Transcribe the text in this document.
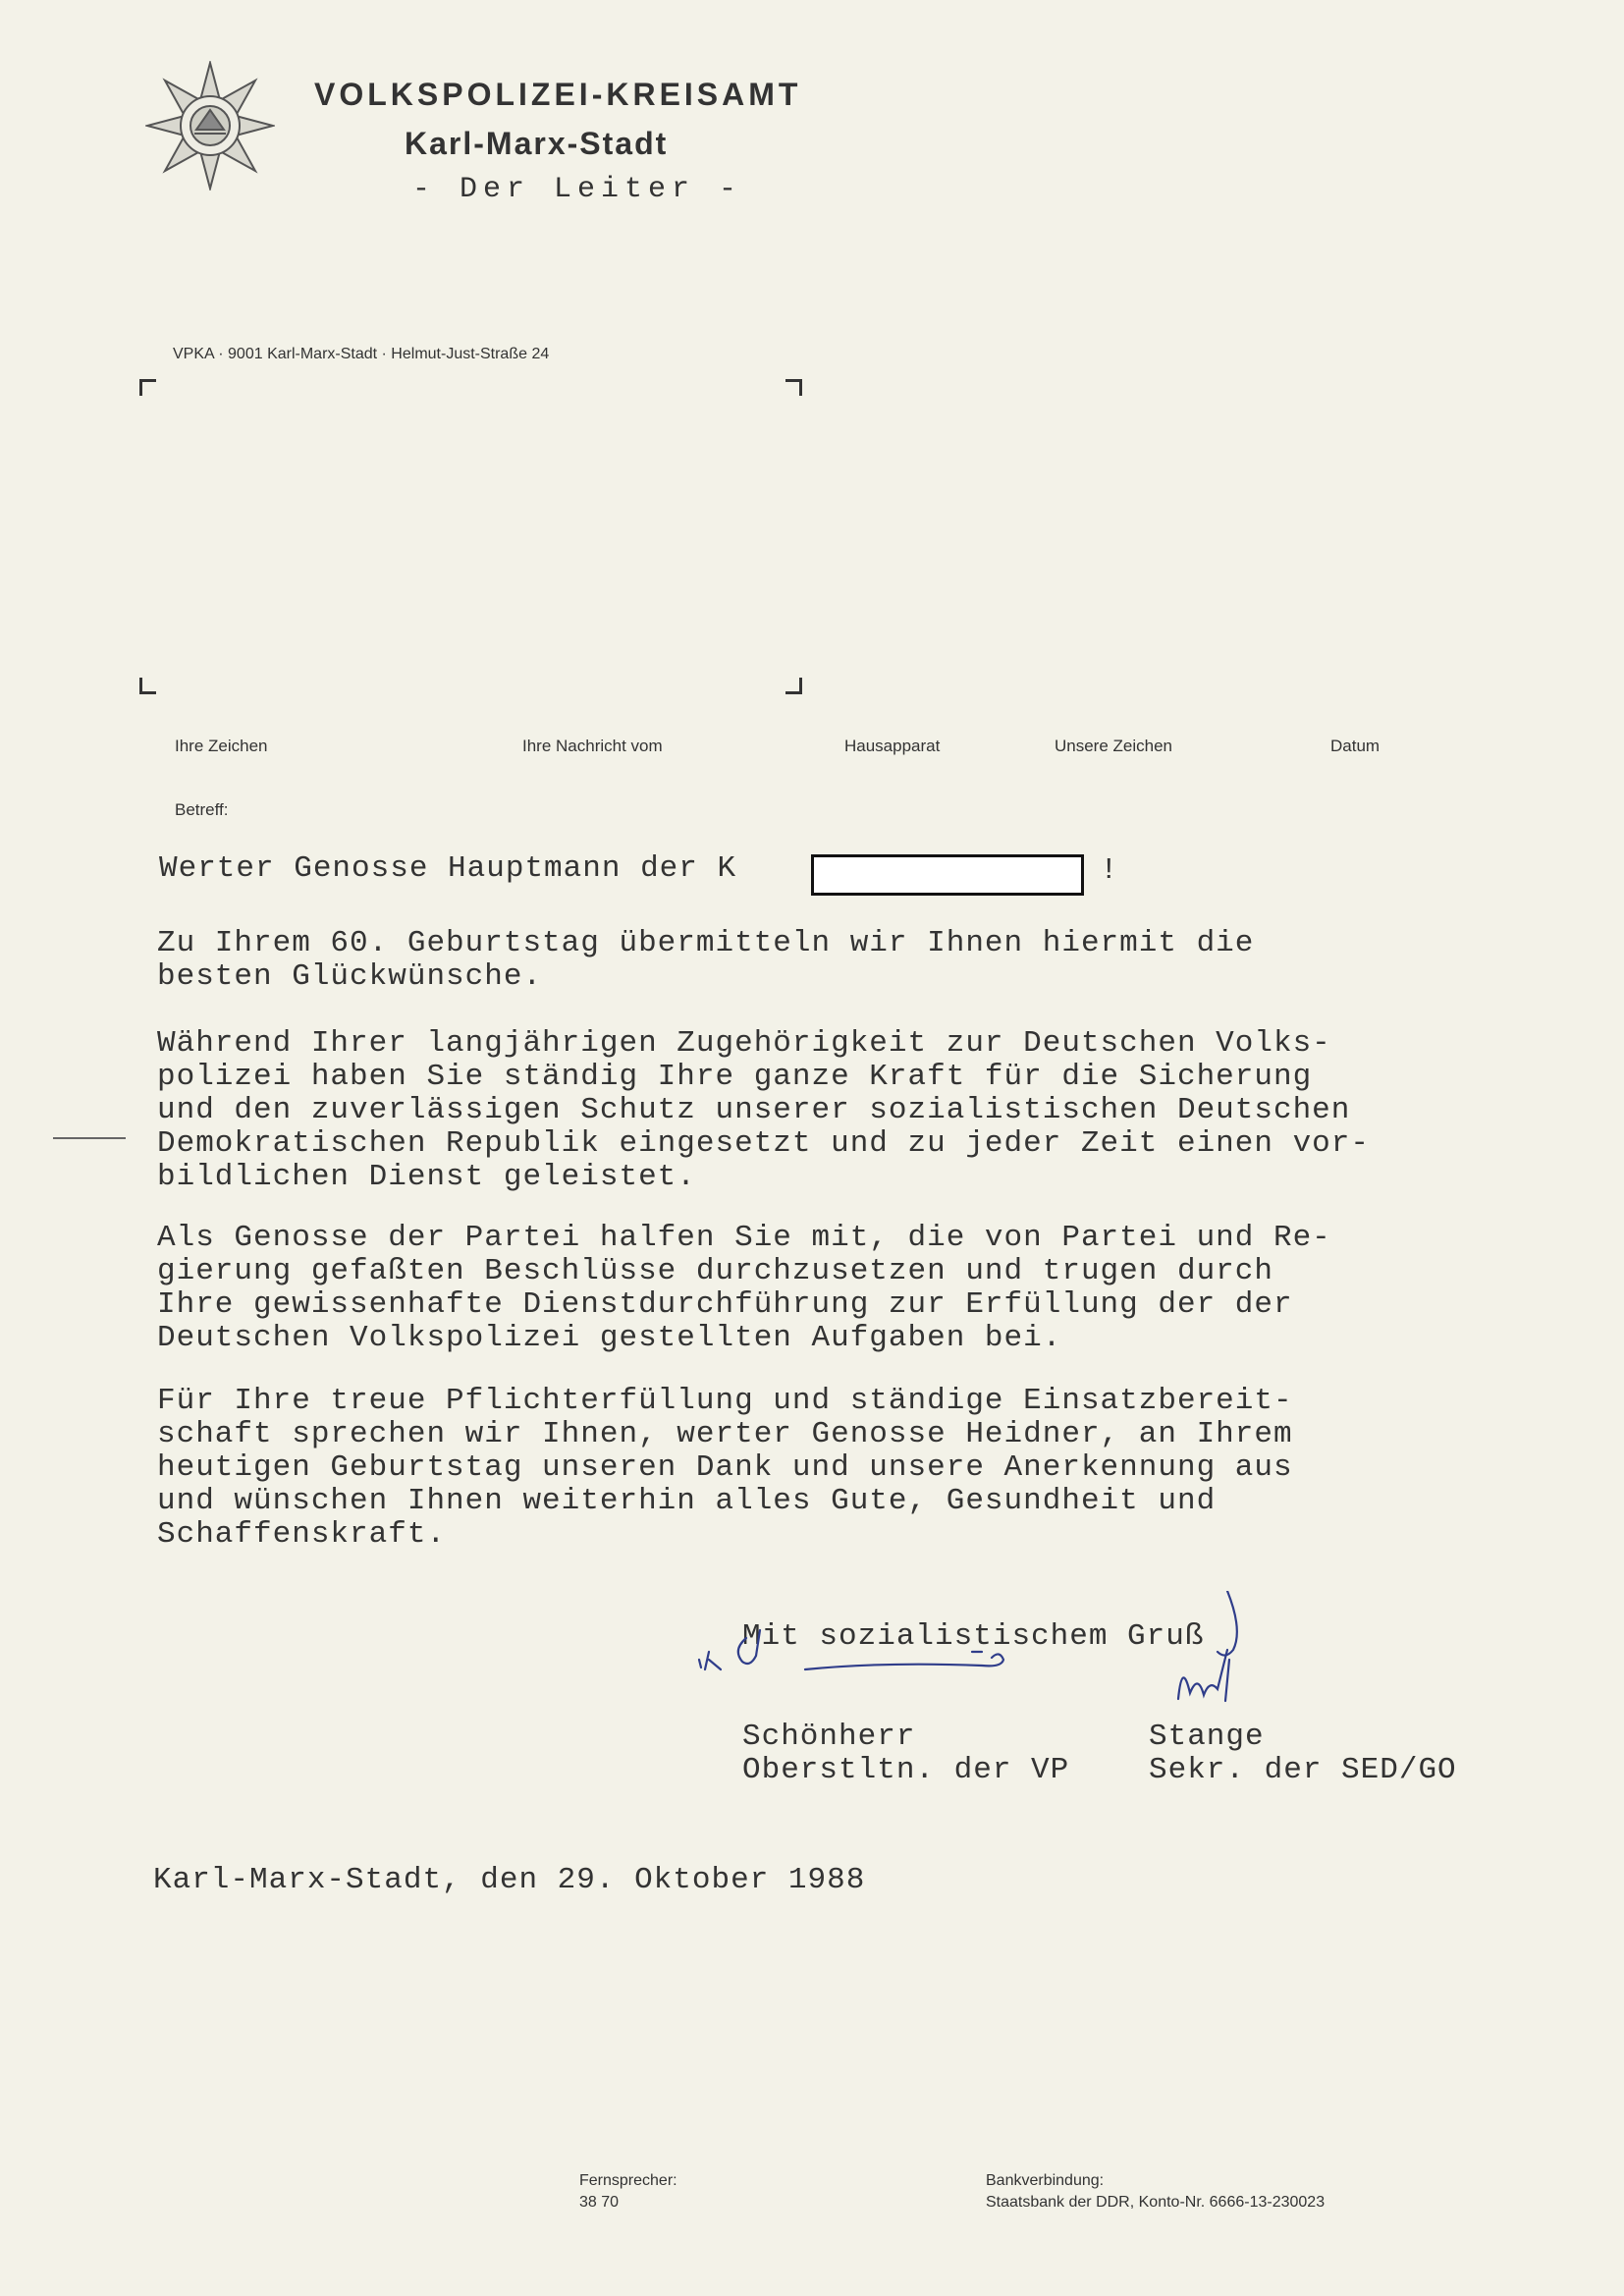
VOLKSPOLIZEI-KREISAMT
Karl-Marx-Stadt
- Der Leiter -
VPKA · 9001 Karl-Marx-Stadt · Helmut-Just-Straße 24
Ihre Zeichen	Ihre Nachricht vom	Hausapparat	Unsere Zeichen	Datum
Betreff:
Werter Genosse Hauptmann der K	!
Zu Ihrem 60. Geburtstag übermitteln wir Ihnen hiermit die
besten Glückwünsche.
Während Ihrer langjährigen Zugehörigkeit zur Deutschen Volks-
polizei haben Sie ständig Ihre ganze Kraft für die Sicherung
und den zuverlässigen Schutz unserer sozialistischen Deutschen
Demokratischen Republik eingesetzt und zu jeder Zeit einen vor-
bildlichen Dienst geleistet.
Als Genosse der Partei halfen Sie mit, die von Partei und Re-
gierung gefaßten Beschlüsse durchzusetzen und trugen durch
Ihre gewissenhafte Dienstdurchführung zur Erfüllung der der
Deutschen Volkspolizei gestellten Aufgaben bei.
Für Ihre treue Pflichterfüllung und ständige Einsatzbereit-
schaft sprechen wir Ihnen, werter Genosse Heidner, an Ihrem
heutigen Geburtstag unseren Dank und unsere Anerkennung aus
und wünschen Ihnen weiterhin alles Gute, Gesundheit und
Schaffenskraft.
Mit sozialistischem Gruß
Schönherr
Oberstltn. der VP
Stange
Sekr. der SED/GO
Karl-Marx-Stadt, den 29. Oktober 1988
Fernsprecher:
38 70
Bankverbindung:
Staatsbank der DDR, Konto-Nr. 6666-13-230023
